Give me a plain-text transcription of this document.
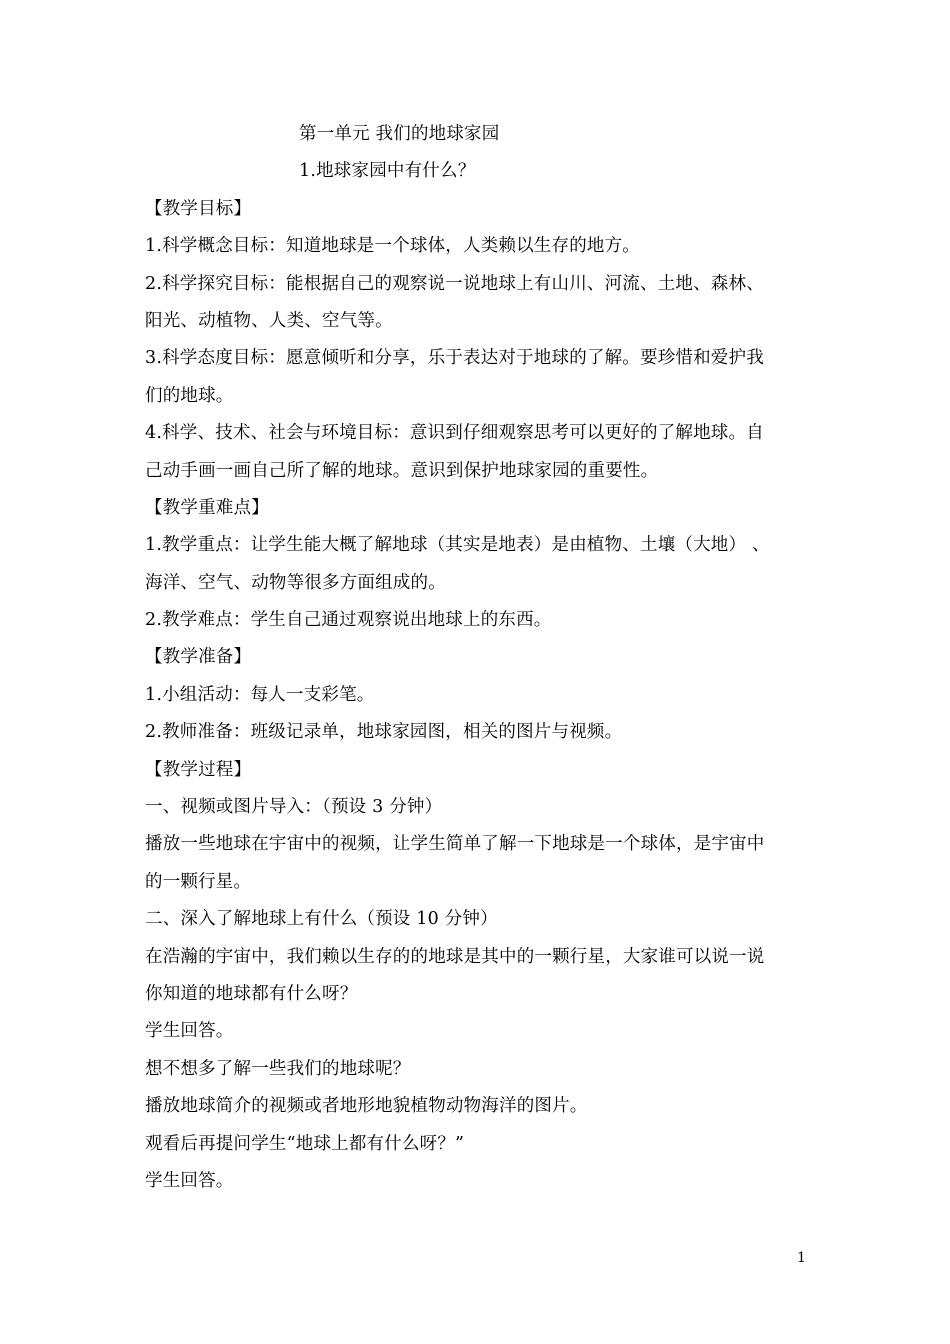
第一单元 我们的地球家园
1.地球家园中有什么？
【教学目标】
1.科学概念目标：知道地球是一个球体，人类赖以生存的地方。
2.科学探究目标：能根据自己的观察说一说地球上有山川、河流、土地、森林、
阳光、动植物、人类、空气等。
3.科学态度目标：愿意倾听和分享，乐于表达对于地球的了解。要珍惜和爱护我
们的地球。
4.科学、技术、社会与环境目标：意识到仔细观察思考可以更好的了解地球。自
己动手画一画自己所了解的地球。意识到保护地球家园的重要性。
【教学重难点】
1.教学重点：让学生能大概了解地球（其实是地表）是由植物、土壤（大地） 、
海洋、空气、动物等很多方面组成的。
2.教学难点：学生自己通过观察说出地球上的东西。
【教学准备】
1.小组活动：每人一支彩笔。
2.教师准备：班级记录单，地球家园图，相关的图片与视频。
【教学过程】
一、视频或图片导入：（预设 3 分钟）
播放一些地球在宇宙中的视频，让学生简单了解一下地球是一个球体，是宇宙中
的一颗行星。
二、深入了解地球上有什么（预设 10 分钟）
在浩瀚的宇宙中，我们赖以生存的的地球是其中的一颗行星，大家谁可以说一说
你知道的地球都有什么呀？
学生回答。
想不想多了解一些我们的地球呢？
播放地球简介的视频或者地形地貌植物动物海洋的图片。
观看后再提问学生“地球上都有什么呀？”
学生回答。
1
